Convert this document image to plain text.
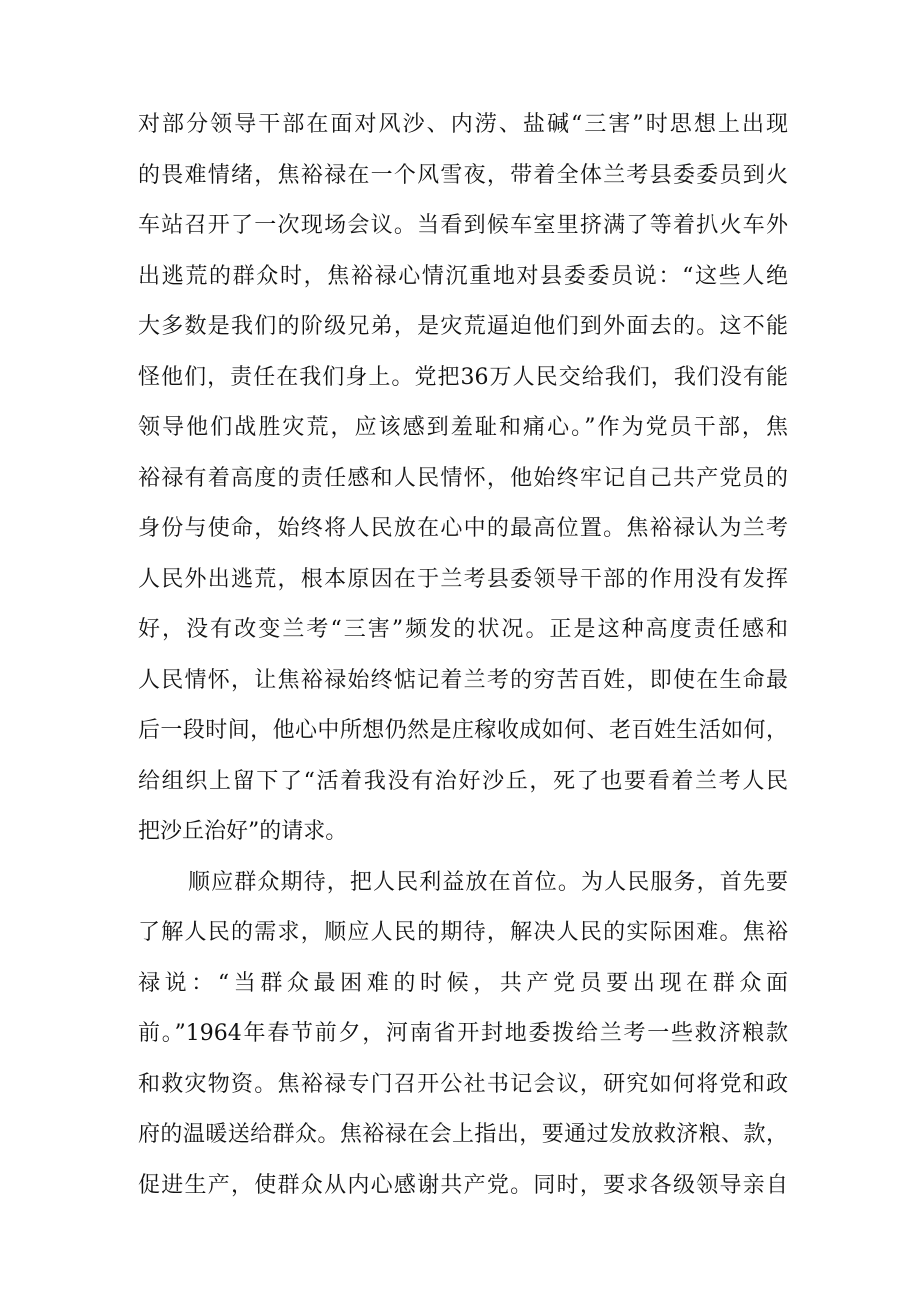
对部分领导干部在面对风沙、内涝、盐碱“三害”时思想上出现
的畏难情绪，焦裕禄在一个风雪夜，带着全体兰考县委委员到火
车站召开了一次现场会议。当看到候车室里挤满了等着扒火车外
出逃荒的群众时，焦裕禄心情沉重地对县委委员说：“这些人绝
大多数是我们的阶级兄弟，是灾荒逼迫他们到外面去的。这不能
怪他们，责任在我们身上。党把36万人民交给我们，我们没有能
领导他们战胜灾荒，应该感到羞耻和痛心。”作为党员干部，焦
裕禄有着高度的责任感和人民情怀，他始终牢记自己共产党员的
身份与使命，始终将人民放在心中的最高位置。焦裕禄认为兰考
人民外出逃荒，根本原因在于兰考县委领导干部的作用没有发挥
好，没有改变兰考“三害”频发的状况。正是这种高度责任感和
人民情怀，让焦裕禄始终惦记着兰考的穷苦百姓，即使在生命最
后一段时间，他心中所想仍然是庄稼收成如何、老百姓生活如何，
给组织上留下了“活着我没有治好沙丘，死了也要看着兰考人民
把沙丘治好”的请求。
顺应群众期待，把人民利益放在首位。为人民服务，首先要
了解人民的需求，顺应人民的期待，解决人民的实际困难。焦裕
禄说：“当群众最困难的时候，共产党员要出现在群众面
前。”1964年春节前夕，河南省开封地委拨给兰考一些救济粮款
和救灾物资。焦裕禄专门召开公社书记会议，研究如何将党和政
府的温暖送给群众。焦裕禄在会上指出，要通过发放救济粮、款，
促进生产，使群众从内心感谢共产党。同时，要求各级领导亲自
